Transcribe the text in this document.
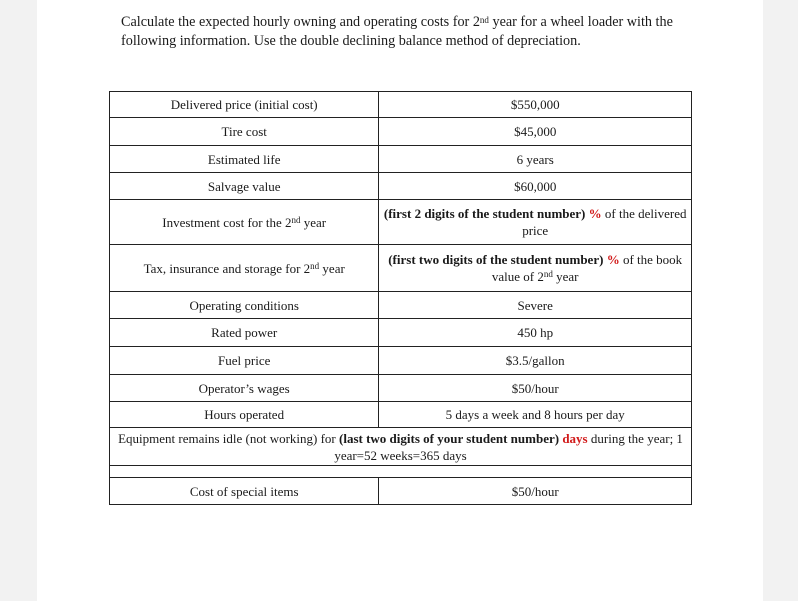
Calculate the expected hourly owning and operating costs for 2nd year for a wheel loader with the following information. Use the double declining balance method of depreciation.
Delivered price (initial cost)	$550,000
Tire cost	$45,000
Estimated life	6 years
Salvage value	$60,000
Investment cost for the 2nd year	(first 2 digits of the student number) % of the delivered price
Tax, insurance and storage for 2nd year	(first two digits of the student number) % of the book value of 2nd year
Operating conditions	Severe
Rated power	450 hp
Fuel price	$3.5/gallon
Operator’s wages	$50/hour
Hours operated	5 days a week and 8 hours per day
Equipment remains idle (not working) for (last two digits of your student number) days during the year; 1 year=52 weeks=365 days	

Cost of special items	$50/hour
